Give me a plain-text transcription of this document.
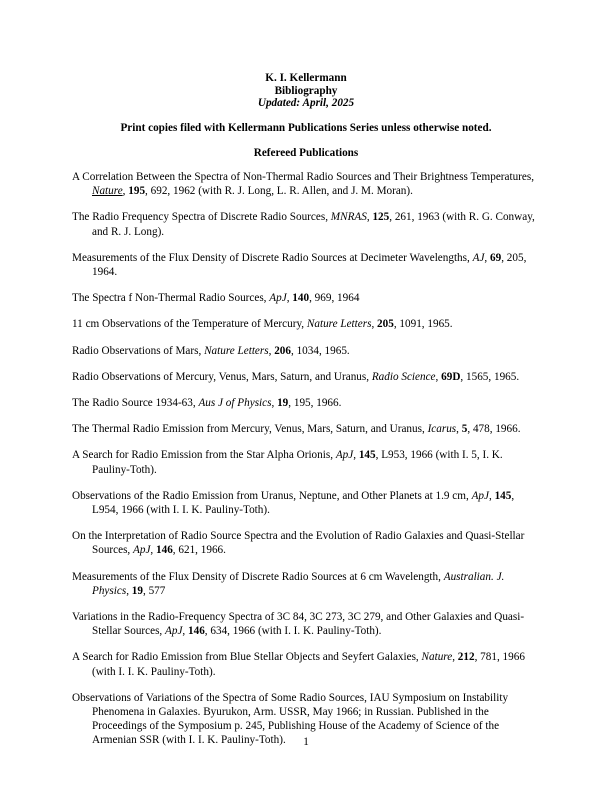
K. I. Kellermann
Bibliography
Updated: April, 2025
Print copies filed with Kellermann Publications Series unless otherwise noted.
Refereed Publications
A Correlation Between the Spectra of Non-Thermal Radio Sources and Their Brightness Temperatures, Nature, 195, 692, 1962 (with R. J. Long, L. R. Allen, and J. M. Moran).
The Radio Frequency Spectra of Discrete Radio Sources, MNRAS, 125, 261, 1963 (with R. G. Conway, and R. J. Long).
Measurements of the Flux Density of Discrete Radio Sources at Decimeter Wavelengths, AJ, 69, 205, 1964.
The Spectra f Non-Thermal Radio Sources, ApJ, 140, 969, 1964
11 cm Observations of the Temperature of Mercury, Nature Letters, 205, 1091, 1965.
Radio Observations of Mars, Nature Letters, 206, 1034, 1965.
Radio Observations of Mercury, Venus, Mars, Saturn, and Uranus, Radio Science, 69D, 1565, 1965.
The Radio Source 1934-63, Aus J of Physics, 19, 195, 1966.
The Thermal Radio Emission from Mercury, Venus, Mars, Saturn, and Uranus, Icarus, 5, 478, 1966.
A Search for Radio Emission from the Star Alpha Orionis, ApJ, 145, L953, 1966 (with I. 5, I. K. Pauliny-Toth).
Observations of the Radio Emission from Uranus, Neptune, and Other Planets at 1.9 cm, ApJ, 145, L954, 1966 (with I. I. K. Pauliny-Toth).
On the Interpretation of Radio Source Spectra and the Evolution of Radio Galaxies and Quasi-Stellar Sources, ApJ, 146, 621, 1966.
Measurements of the Flux Density of Discrete Radio Sources at 6 cm Wavelength, Australian. J. Physics, 19, 577
Variations in the Radio-Frequency Spectra of 3C 84, 3C 273, 3C 279, and Other Galaxies and Quasi-Stellar Sources, ApJ, 146, 634, 1966 (with I. I. K. Pauliny-Toth).
A Search for Radio Emission from Blue Stellar Objects and Seyfert Galaxies, Nature, 212, 781, 1966 (with I. I. K. Pauliny-Toth).
Observations of Variations of the Spectra of Some Radio Sources, IAU Symposium on Instability Phenomena in Galaxies. Byurukon, Arm. USSR, May 1966; in Russian. Published in the Proceedings of the Symposium p. 245, Publishing House of the Academy of Science of the Armenian SSR (with I. I. K. Pauliny-Toth).	1
